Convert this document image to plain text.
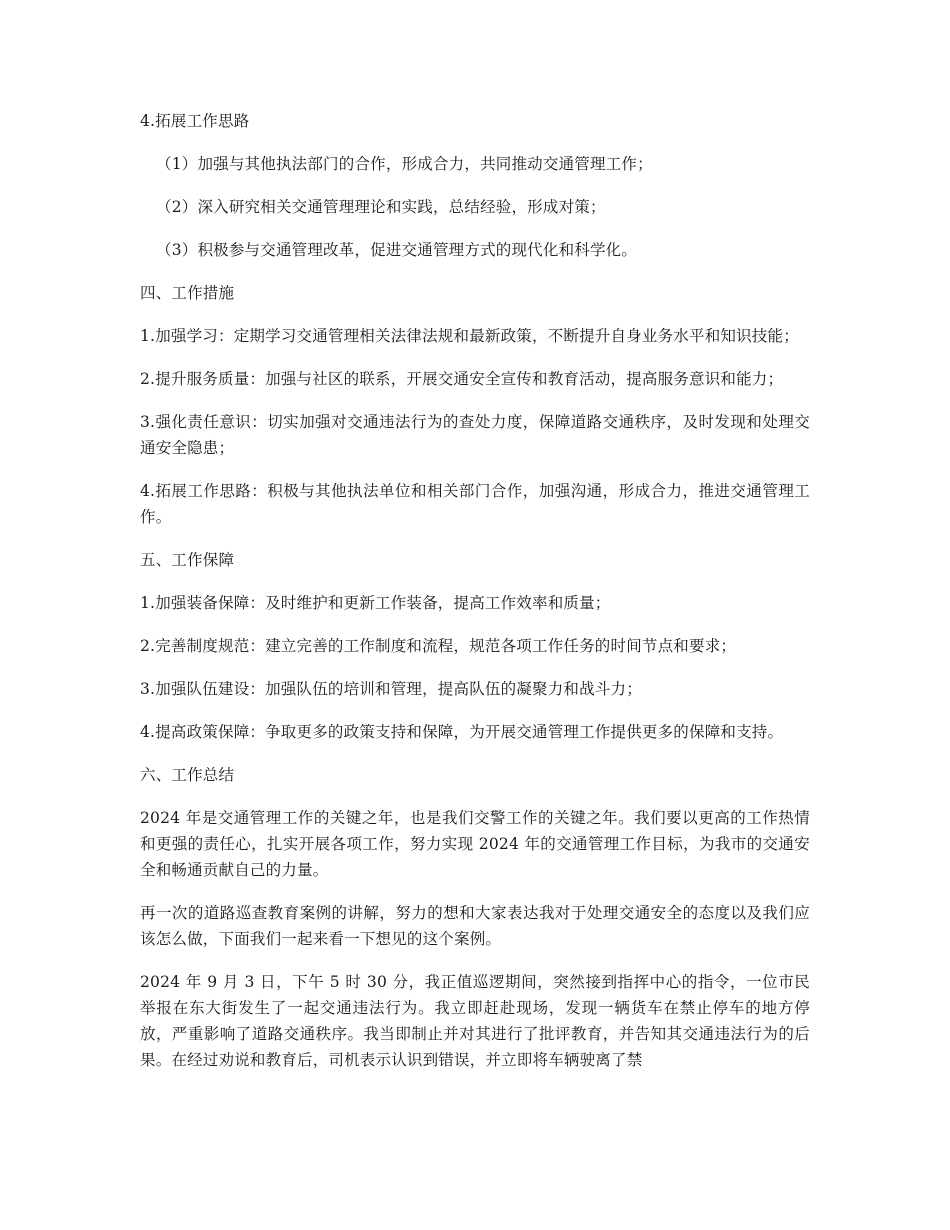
4.拓展工作思路

（1）加强与其他执法部门的合作，形成合力，共同推动交通管理工作；

（2）深入研究相关交通管理理论和实践，总结经验，形成对策；

（3）积极参与交通管理改革，促进交通管理方式的现代化和科学化。

四、工作措施

1.加强学习：定期学习交通管理相关法律法规和最新政策，不断提升自身业务水平和知识技能；

2.提升服务质量：加强与社区的联系，开展交通安全宣传和教育活动，提高服务意识和能力；

3.强化责任意识：切实加强对交通违法行为的查处力度，保障道路交通秩序，及时发现和处理交通安全隐患；

4.拓展工作思路：积极与其他执法单位和相关部门合作，加强沟通，形成合力，推进交通管理工作。

五、工作保障

1.加强装备保障：及时维护和更新工作装备，提高工作效率和质量；

2.完善制度规范：建立完善的工作制度和流程，规范各项工作任务的时间节点和要求；

3.加强队伍建设：加强队伍的培训和管理，提高队伍的凝聚力和战斗力；

4.提高政策保障：争取更多的政策支持和保障，为开展交通管理工作提供更多的保障和支持。

六、工作总结

2024 年是交通管理工作的关键之年，也是我们交警工作的关键之年。我们要以更高的工作热情和更强的责任心，扎实开展各项工作，努力实现 2024 年的交通管理工作目标，为我市的交通安全和畅通贡献自己的力量。

再一次的道路巡查教育案例的讲解，努力的想和大家表达我对于处理交通安全的态度以及我们应该怎么做，下面我们一起来看一下想见的这个案例。

2024 年 9 月 3 日，下午 5 时 30 分，我正值巡逻期间，突然接到指挥中心的指令，一位市民举报在东大街发生了一起交通违法行为。我立即赶赴现场，发现一辆货车在禁止停车的地方停放，严重影响了道路交通秩序。我当即制止并对其进行了批评教育，并告知其交通违法行为的后果。在经过劝说和教育后，司机表示认识到错误，并立即将车辆驶离了禁
